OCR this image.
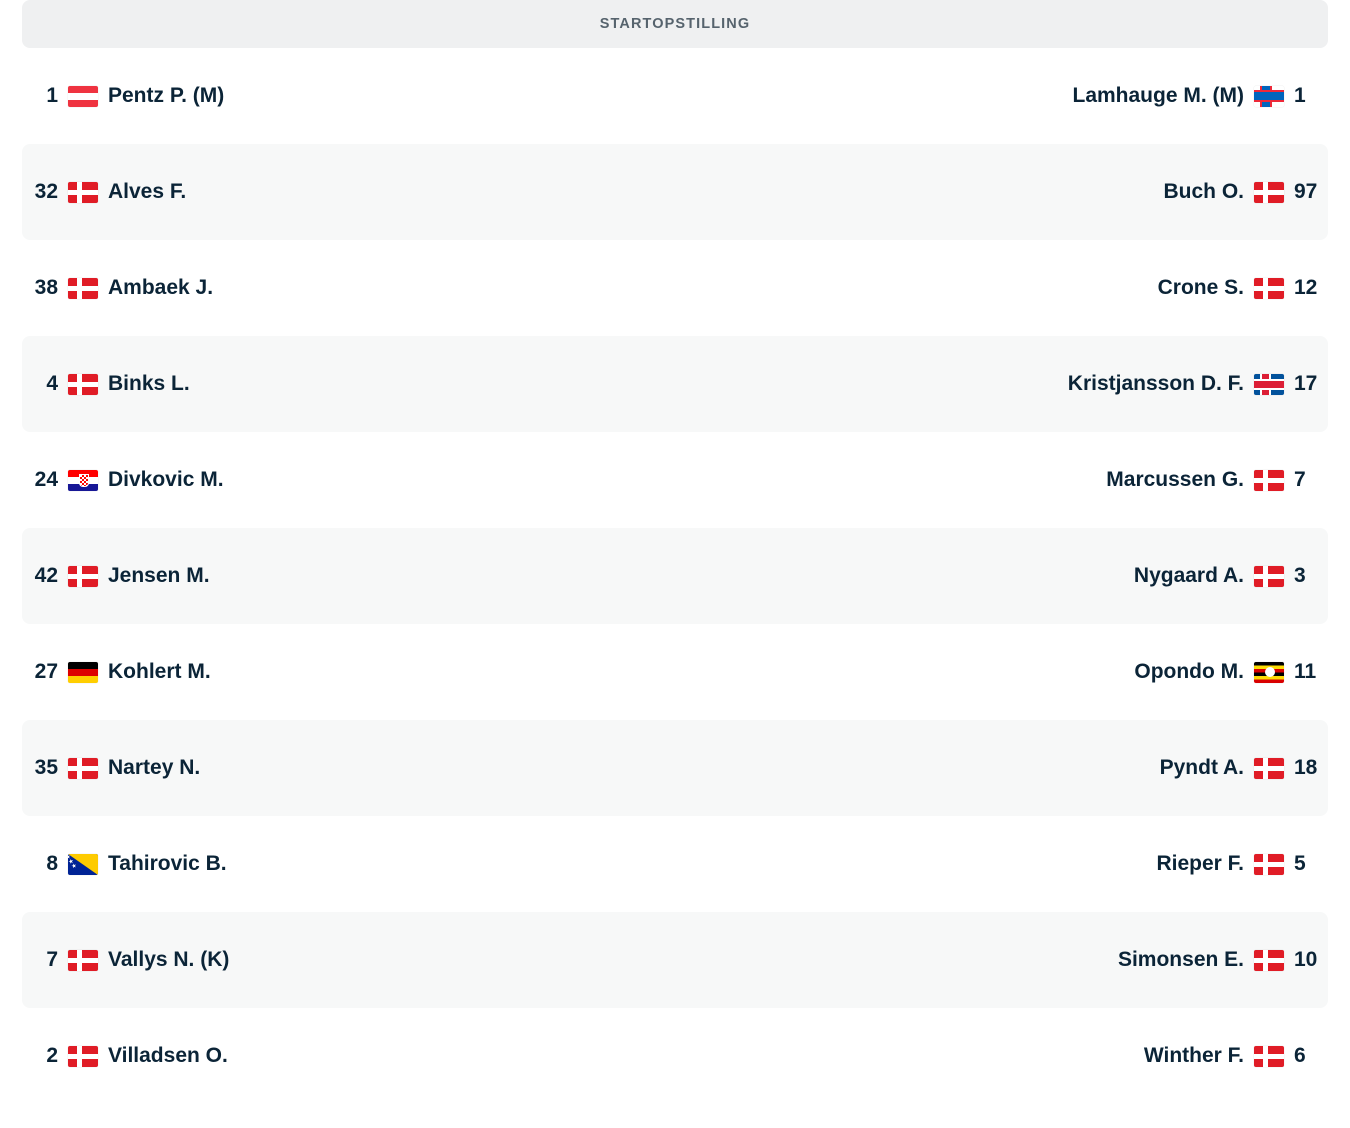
STARTOPSTILLING
1 Pentz P. (M)	Lamhauge M. (M) 1
32 Alves F.	Buch O. 97
38 Ambaek J.	Crone S. 12
4 Binks L.	Kristjansson D. F. 17
24 Divkovic M.	Marcussen G. 7
42 Jensen M.	Nygaard A. 3
27 Kohlert M.	Opondo M. 11
35 Nartey N.	Pyndt A. 18
8 ★★★ Tahirovic B.	Rieper F. 5
7 Vallys N. (K)	Simonsen E. 10
2 Villadsen O.	Winther F. 6
